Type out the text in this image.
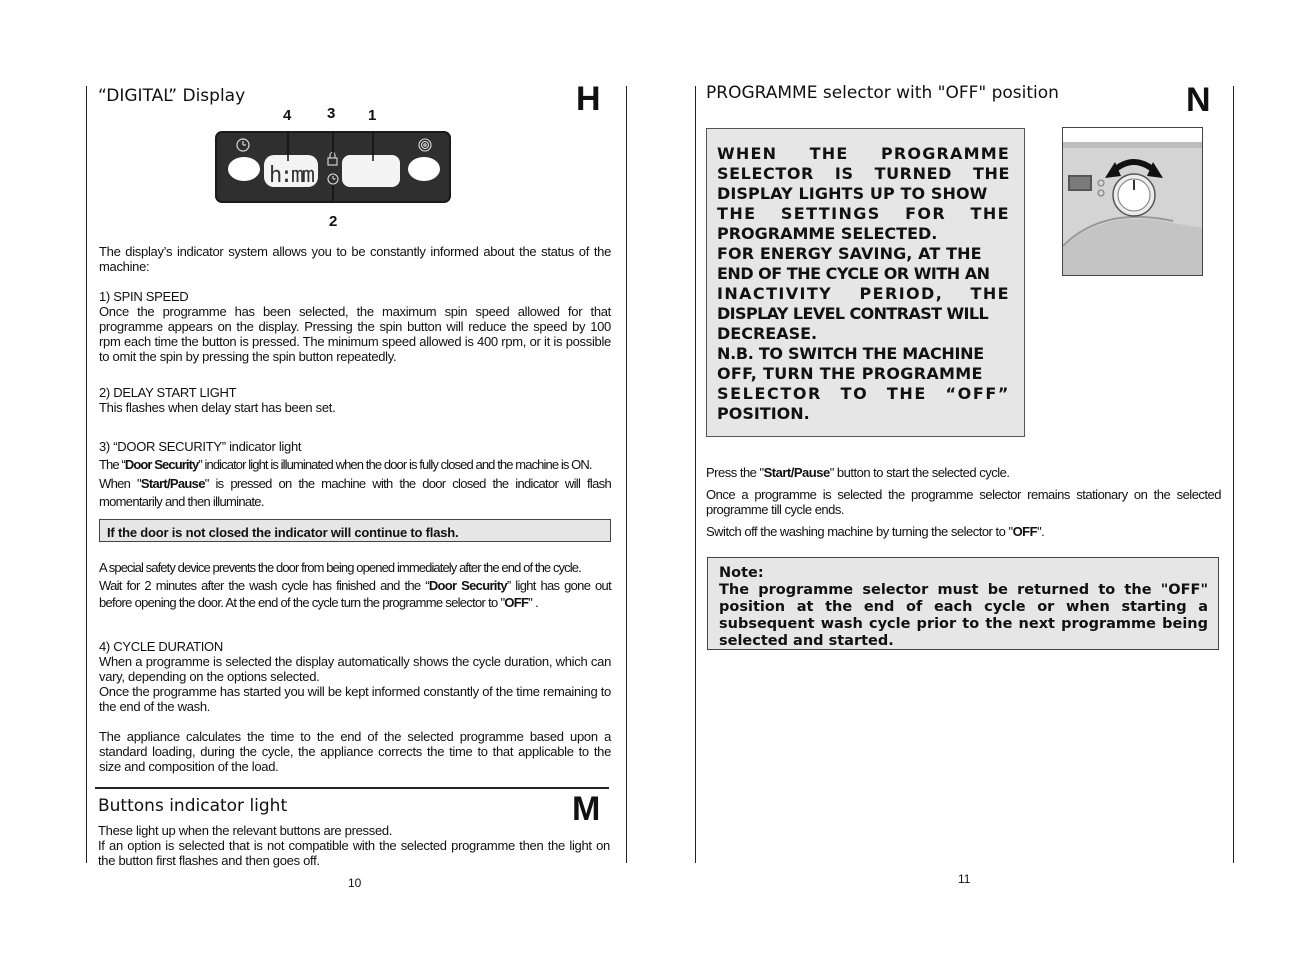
“DIGITAL” Display	H
4 3 1
2
h:mm

The display’s indicator system allows you to be constantly informed about the status of the machine:

1) SPIN SPEED

Once the programme has been selected, the maximum spin speed allowed for that programme appears on the display. Pressing the spin button will reduce the speed by 100 rpm each time the button is pressed. The minimum speed allowed is 400 rpm, or it is possible to omit the spin by pressing the spin button repeatedly.

2) DELAY START LIGHT

This flashes when delay start has been set.

3) “DOOR SECURITY” indicator light

The “Door Security” indicator light is illuminated when the door is fully closed and the machine is ON.

When "Start/Pause" is pressed on the machine with the door closed the indicator will flash momentarily and then illuminate.

If the door is not closed the indicator will continue to flash.

A special safety device prevents the door from being opened immediately after the end of the cycle.

Wait for 2 minutes after the wash cycle has finished and the “Door Security” light has gone out before opening the door. At the end of the cycle turn the programme selector to "OFF" .

4) CYCLE DURATION

When a programme is selected the display automatically shows the cycle duration, which can vary, depending on the options selected.

Once the programme has started you will be kept informed constantly of the time remaining to the end of the wash.

The appliance calculates the time to the end of the selected programme based upon a standard loading, during the cycle, the appliance corrects the time to that applicable to the size and composition of the load.

Buttons indicator light	M

These light up when the relevant buttons are pressed.

If an option is selected that is not compatible with the selected programme then the light on the button first flashes and then goes off.

10
PROGRAMME selector with "OFF" position	N
WHEN THE PROGRAMME
SELECTOR IS TURNED THE
DISPLAY LIGHTS UP TO SHOW
THE SETTINGS FOR THE
PROGRAMME SELECTED.
FOR ENERGY SAVING, AT THE
END OF THE CYCLE OR WITH AN
INACTIVITY PERIOD, THE
DISPLAY LEVEL CONTRAST WILL
DECREASE.
N.B. TO SWITCH THE MACHINE
OFF, TURN THE PROGRAMME
SELECTOR TO THE “OFF”
POSITION.

Press the "Start/Pause" button to start the selected cycle.

Once a programme is selected the programme selector remains stationary on the selected programme till cycle ends.

Switch off the washing machine by turning the selector to "OFF".

Note:
The programme selector must be returned to the "OFF" position at the end of each cycle or when starting a subsequent wash cycle prior to the next programme being selected and started.
11
